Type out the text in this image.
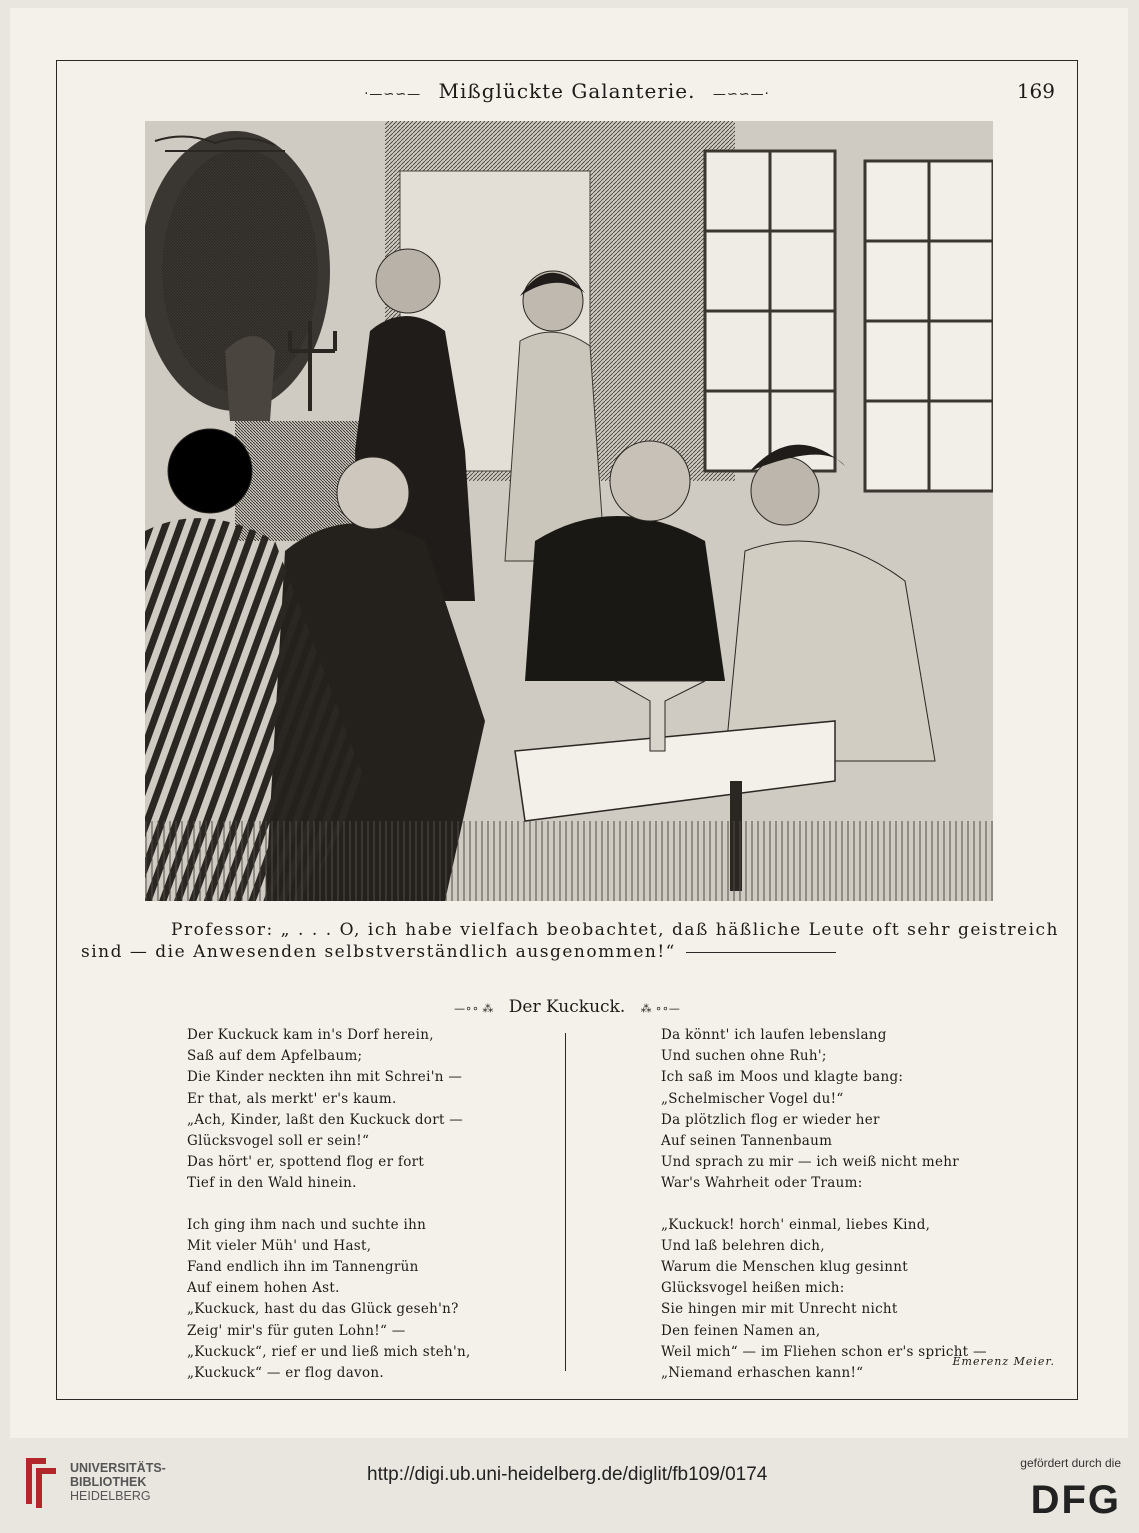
·—∽∽— Mißglückte Galanterie. —∽∽—·	169
Professor: „ . . . O, ich habe vielfach beobachtet, daß häßliche Leute oft sehr geistreich sind — die Anwesenden selbstverständlich ausgenommen!“
—∘∘ ⁂ Der Kuckuck. ⁂ ∘∘—
Der Kuckuck kam in's Dorf herein,
Saß auf dem Apfelbaum;
Die Kinder neckten ihn mit Schrei'n —
Er that, als merkt' er's kaum.
„Ach, Kinder, laßt den Kuckuck dort —
Glücksvogel soll er sein!“
Das hört' er, spottend flog er fort
Tief in den Wald hinein.
Ich ging ihm nach und suchte ihn
Mit vieler Müh' und Hast,
Fand endlich ihn im Tannengrün
Auf einem hohen Ast.
„Kuckuck, hast du das Glück geseh'n?
Zeig' mir's für guten Lohn!“ —
„Kuckuck“, rief er und ließ mich steh'n,
„Kuckuck“ — er flog davon.
Da könnt' ich laufen lebenslang
Und suchen ohne Ruh';
Ich saß im Moos und klagte bang:
„Schelmischer Vogel du!“
Da plötzlich flog er wieder her
Auf seinen Tannenbaum
Und sprach zu mir — ich weiß nicht mehr
War's Wahrheit oder Traum:
„Kuckuck! horch' einmal, liebes Kind,
Und laß belehren dich,
Warum die Menschen klug gesinnt
Glücksvogel heißen mich:
Sie hingen mir mit Unrecht nicht
Den feinen Namen an,
Weil mich“ — im Fliehen schon er's spricht —
„Niemand erhaschen kann!“
Emerenz Meier.
UNIVERSITÄTS-
BIBLIOTHEK
HEIDELBERG
http://digi.ub.uni-heidelberg.de/diglit/fb109/0174
gefördert durch die
DFG
